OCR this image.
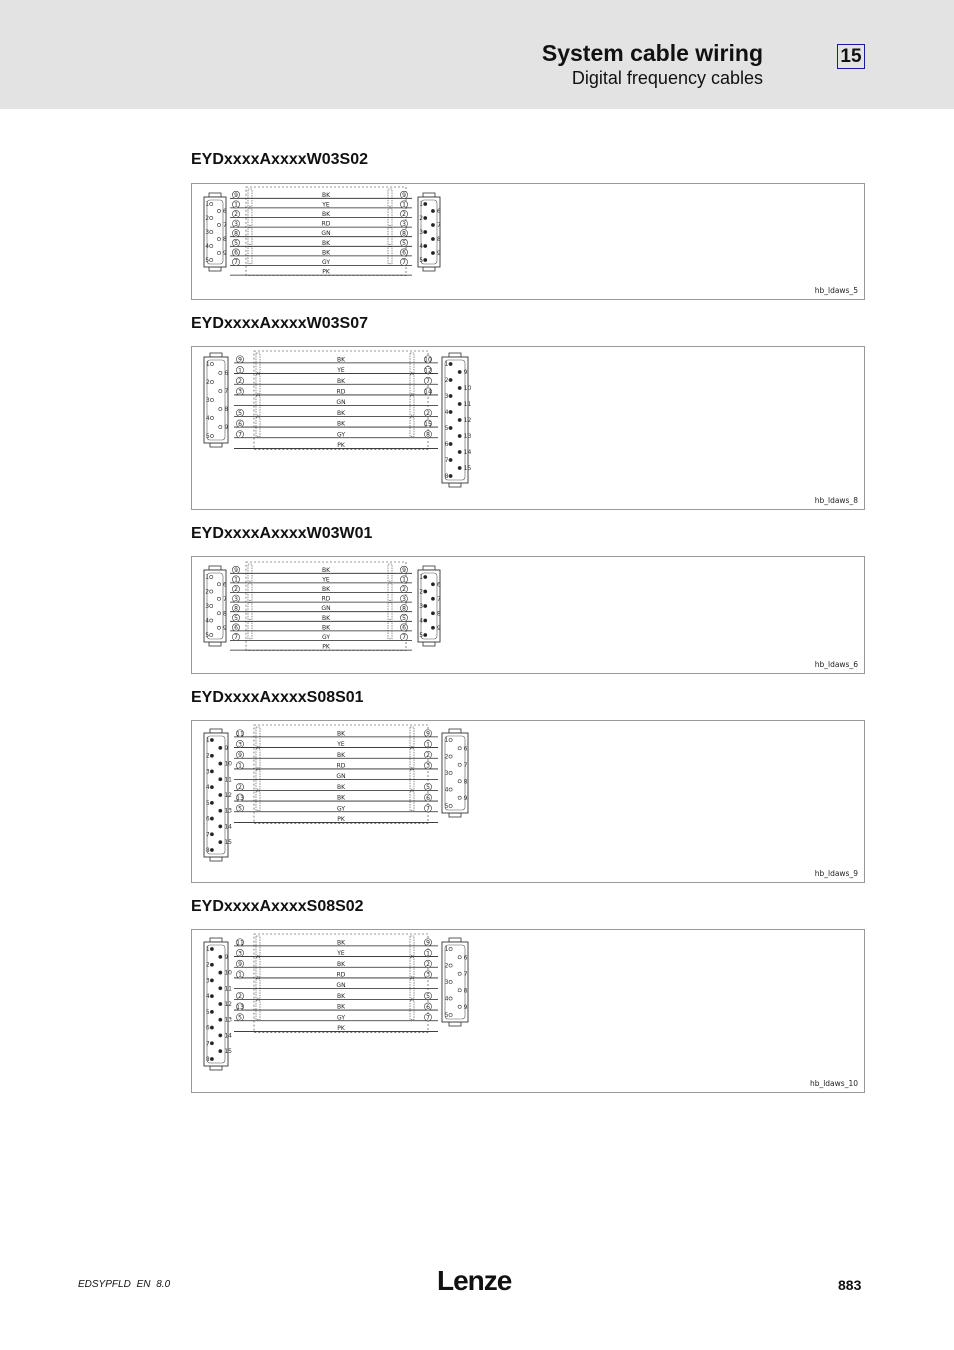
System cable wiring
Digital frequency cables
15
EYDxxxxAxxxxW03S02
1
2
3
4
5
6
7
8
9
1
2
3
4
5
6
7
8
9
BK
YE
BK
RD
GN
BK
BK
GY
PK
9
1
2
3
8
5
6
7
9
1
2
3
8
5
6
7
hb_ldaws_5
EYDxxxxAxxxxW03S07
1
2
3
4
5
6
7
8
9
1
2
3
4
5
6
7
8
9
10
11
12
13
14
15
BK
YE
BK
RD
GN
BK
BK
GY
PK
9
1
2
3
5
6
7
10
12
7
14
2
15
8
hb_ldaws_8
EYDxxxxAxxxxW03W01
1
2
3
4
5
6
7
8
9
1
2
3
4
5
6
7
8
9
BK
YE
BK
RD
GN
BK
BK
GY
PK
9
1
2
3
8
5
6
7
9
1
2
3
8
5
6
7
hb_ldaws_6
EYDxxxxAxxxxS08S01
1
2
3
4
5
6
7
8
9
10
11
12
13
14
15
1
2
3
4
5
6
7
8
9
BK
YE
BK
RD
GN
BK
BK
GY
PK
11
3
9
1
2
13
5
9
1
2
3
5
6
7
hb_ldaws_9
EYDxxxxAxxxxS08S02
1
2
3
4
5
6
7
8
9
10
11
12
13
14
15
1
2
3
4
5
6
7
8
9
BK
YE
BK
RD
GN
BK
BK
GY
PK
11
3
9
1
2
13
5
9
1
2
3
5
6
7
hb_ldaws_10
EDSYPFLD EN 8.0	Lenze	883
